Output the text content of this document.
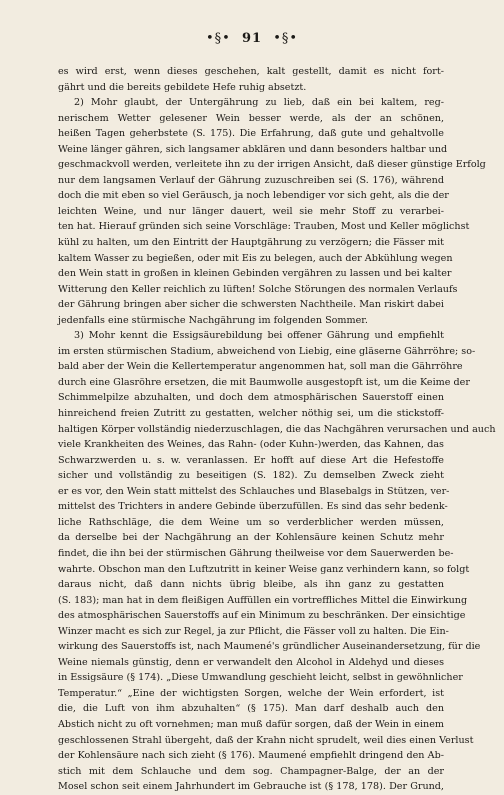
•§• 91 •§•
es wird erst, wenn dieses geschehen, kalt gestellt, damit es nicht fort-
gährt und die bereits gebildete Hefe ruhig absetzt.
2) Mohr glaubt, der Untergährung zu lieb, daß ein bei kaltem, reg-
nerischem Wetter gelesener Wein besser werde, als der an schönen,
heißen Tagen geherbstete (S. 175). Die Erfahrung, daß gute und gehaltvolle
Weine länger gähren, sich langsamer abklären und dann besonders haltbar und
geschmackvoll werden, verleitete ihn zu der irrigen Ansicht, daß dieser günstige Erfolg
nur dem langsamen Verlauf der Gährung zuzuschreiben sei (S. 176), während
doch die mit eben so viel Geräusch, ja noch lebendiger vor sich geht, als die der
leichten Weine, und nur länger dauert, weil sie mehr Stoff zu verarbei-
ten hat. Hierauf gründen sich seine Vorschläge: Trauben, Most und Keller möglichst
kühl zu halten, um den Eintritt der Hauptgährung zu verzögern; die Fässer mit
kaltem Wasser zu begießen, oder mit Eis zu belegen, auch der Abkühlung wegen
den Wein statt in großen in kleinen Gebinden vergähren zu lassen und bei kalter
Witterung den Keller reichlich zu lüften! Solche Störungen des normalen Verlaufs
der Gährung bringen aber sicher die schwersten Nachtheile. Man riskirt dabei
jedenfalls eine stürmische Nachgährung im folgenden Sommer.
3) Mohr kennt die Essigsäurebildung bei offener Gährung und empfiehlt
im ersten stürmischen Stadium, abweichend von Liebig, eine gläserne Gährröhre; so-
bald aber der Wein die Kellertemperatur angenommen hat, soll man die Gährröhre
durch eine Glasröhre ersetzen, die mit Baumwolle ausgestopft ist, um die Keime der
Schimmelpilze abzuhalten, und doch dem atmosphärischen Sauerstoff einen
hinreichend freien Zutritt zu gestatten, welcher nöthig sei, um die stickstoff-
haltigen Körper vollständig niederzuschlagen, die das Nachgähren verursachen und auch
viele Krankheiten des Weines, das Rahn- (oder Kuhn-)werden, das Kahnen, das
Schwarzwerden u. s. w. veranlassen. Er hofft auf diese Art die Hefestoffe
sicher und vollständig zu beseitigen (S. 182). Zu demselben Zweck zieht
er es vor, den Wein statt mittelst des Schlauches und Blasebalgs in Stützen, ver-
mittelst des Trichters in andere Gebinde überzufüllen. Es sind das sehr bedenk-
liche Rathschläge, die dem Weine um so verderblicher werden müssen,
da derselbe bei der Nachgährung an der Kohlensäure keinen Schutz mehr
findet, die ihn bei der stürmischen Gährung theilweise vor dem Sauerwerden be-
wahrte. Obschon man den Luftzutritt in keiner Weise ganz verhindern kann, so folgt
daraus nicht, daß dann nichts übrig bleibe, als ihn ganz zu gestatten
(S. 183); man hat in dem fleißigen Auffüllen ein vortreffliches Mittel die Einwirkung
des atmosphärischen Sauerstoffs auf ein Minimum zu beschränken. Der einsichtige
Winzer macht es sich zur Regel, ja zur Pflicht, die Fässer voll zu halten. Die Ein-
wirkung des Sauerstoffs ist, nach Maumené's gründlicher Auseinandersetzung, für die
Weine niemals günstig, denn er verwandelt den Alcohol in Aldehyd und dieses
in Essigsäure (§ 174). „Diese Umwandlung geschieht leicht, selbst in gewöhnlicher
Temperatur.“ „Eine der wichtigsten Sorgen, welche der Wein erfordert, ist
die, die Luft von ihm abzuhalten“ (§ 175). Man darf deshalb auch den
Abstich nicht zu oft vornehmen; man muß dafür sorgen, daß der Wein in einem
geschlossenen Strahl übergeht, daß der Krahn nicht sprudelt, weil dies einen Verlust
der Kohlensäure nach sich zieht (§ 176). Maumené empfiehlt dringend den Ab-
stich mit dem Schlauche und dem sog. Champagner-Balge, der an der
Mosel schon seit einem Jahrhundert im Gebrauche ist (§ 178, 178). Der Grund,
